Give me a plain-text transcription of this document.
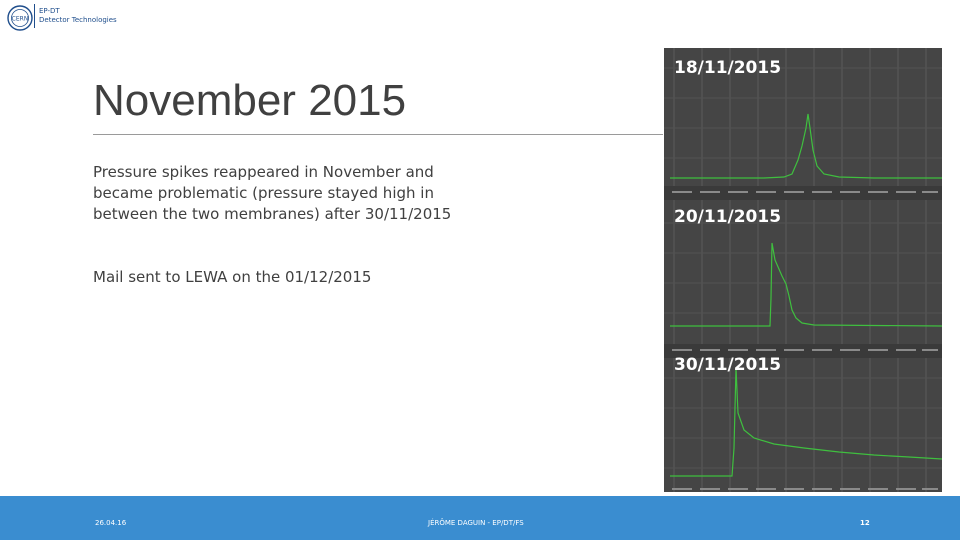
CERN
EP-DT
Detector Technologies
November 2015

Pressure spikes reappeared in November and became problematic (pressure stayed high in between the two membranes) after 30/11/2015

Mail sent to LEWA on the 01/12/2015

18/11/2015
20/11/2015
30/11/2015
26.04.16	JÉRÔME DAGUIN - EP/DT/FS	12
